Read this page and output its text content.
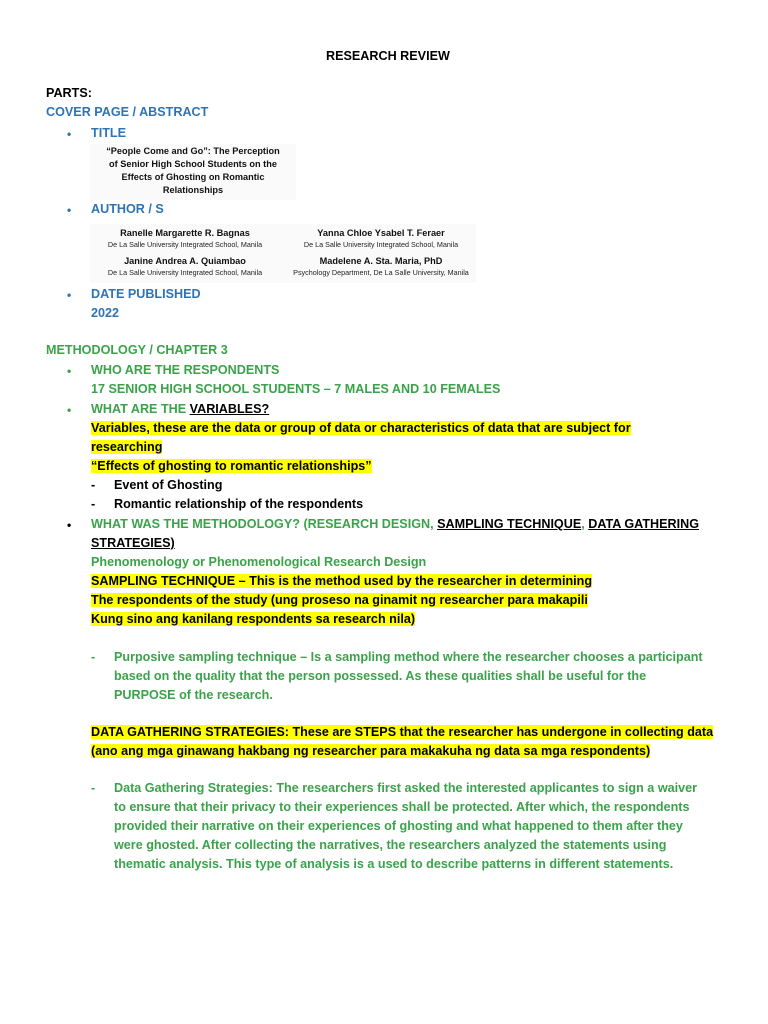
RESEARCH REVIEW
PARTS:
COVER PAGE / ABSTRACT
• TITLE
“People Come and Go”: The Perception
of Senior High School Students on the
Effects of Ghosting on Romantic
Relationships
• AUTHOR / S
Ranelle Margarette R. Bagnas
De La Salle University Integrated School, Manila
Yanna Chloe Ysabel T. Feraer
De La Salle University Integrated School, Manila
Janine Andrea A. Quiambao
De La Salle University Integrated School, Manila
Madelene A. Sta. Maria, PhD
Psychology Department, De La Salle University, Manila
• DATE PUBLISHED
2022
METHODOLOGY / CHAPTER 3
• WHO ARE THE RESPONDENTS
17 SENIOR HIGH SCHOOL STUDENTS – 7 MALES AND 10 FEMALES
• WHAT ARE THE VARIABLES?
Variables, these are the data or group of data or characteristics of data that are subject for
researching
“Effects of ghosting to romantic relationships”
- Event of Ghosting
- Romantic relationship of the respondents
• WHAT WAS THE METHODOLOGY? (RESEARCH DESIGN, SAMPLING TECHNIQUE, DATA GATHERING
STRATEGIES)
Phenomenology or Phenomenological Research Design
SAMPLING TECHNIQUE – This is the method used by the researcher in determining
The respondents of the study (ung proseso na ginamit ng researcher para makapili
Kung sino ang kanilang respondents sa research nila)
- Purposive sampling technique – Is a sampling method where the researcher chooses a participant
based on the quality that the person possessed. As these qualities shall be useful for the
PURPOSE of the research.
DATA GATHERING STRATEGIES: These are STEPS that the researcher has undergone in collecting data
(ano ang mga ginawang hakbang ng researcher para makakuha ng data sa mga respondents)
- Data Gathering Strategies: The researchers first asked the interested applicantes to sign a waiver
to ensure that their privacy to their experiences shall be protected. After which, the respondents
provided their narrative on their experiences of ghosting and what happened to them after they
were ghosted. After collecting the narratives, the researchers analyzed the statements using
thematic analysis. This type of analysis is a used to describe patterns in different statements.
